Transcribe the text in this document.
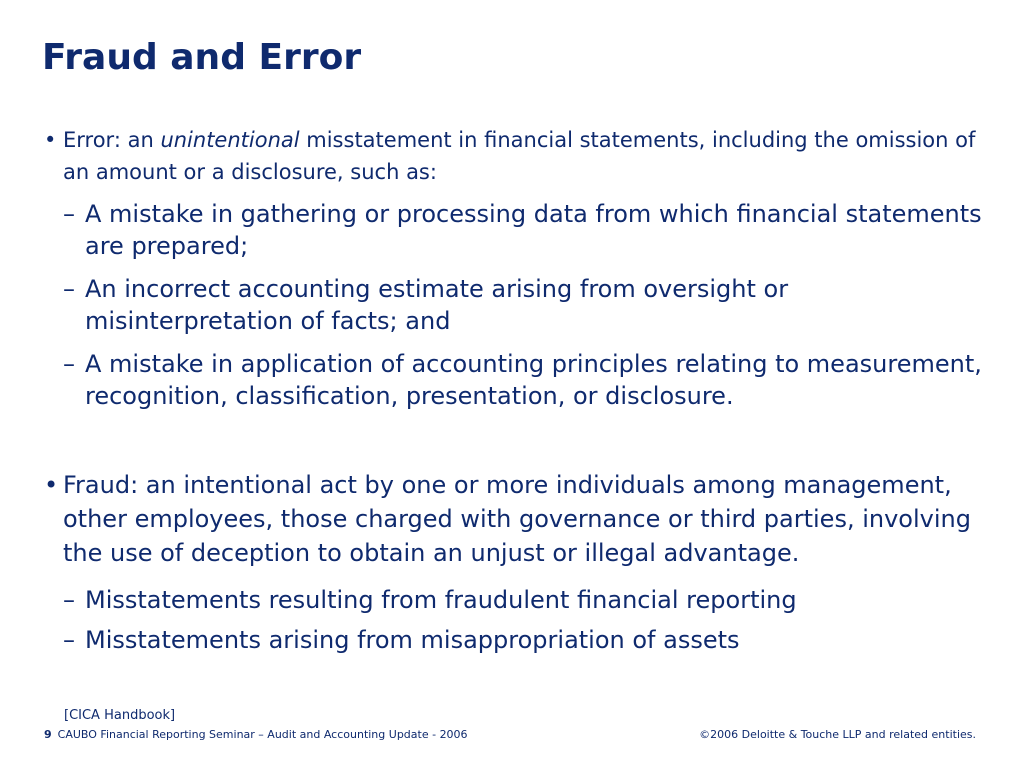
Fraud and Error
• Error: an unintentional misstatement in financial statements, including the omission of an amount or a disclosure, such as:
– A mistake in gathering or processing data from which financial statements are prepared;
– An incorrect accounting estimate arising from oversight or misinterpretation of facts; and
– A mistake in application of accounting principles relating to measurement, recognition, classification, presentation, or disclosure.
• Fraud: an intentional act by one or more individuals among management, other employees, those charged with governance or third parties, involving the use of deception to obtain an unjust or illegal advantage.
– Misstatements resulting from fraudulent financial reporting
– Misstatements arising from misappropriation of assets
[CICA Handbook]
9 CAUBO Financial Reporting Seminar – Audit and Accounting Update - 2006	©2006 Deloitte & Touche LLP and related entities.
